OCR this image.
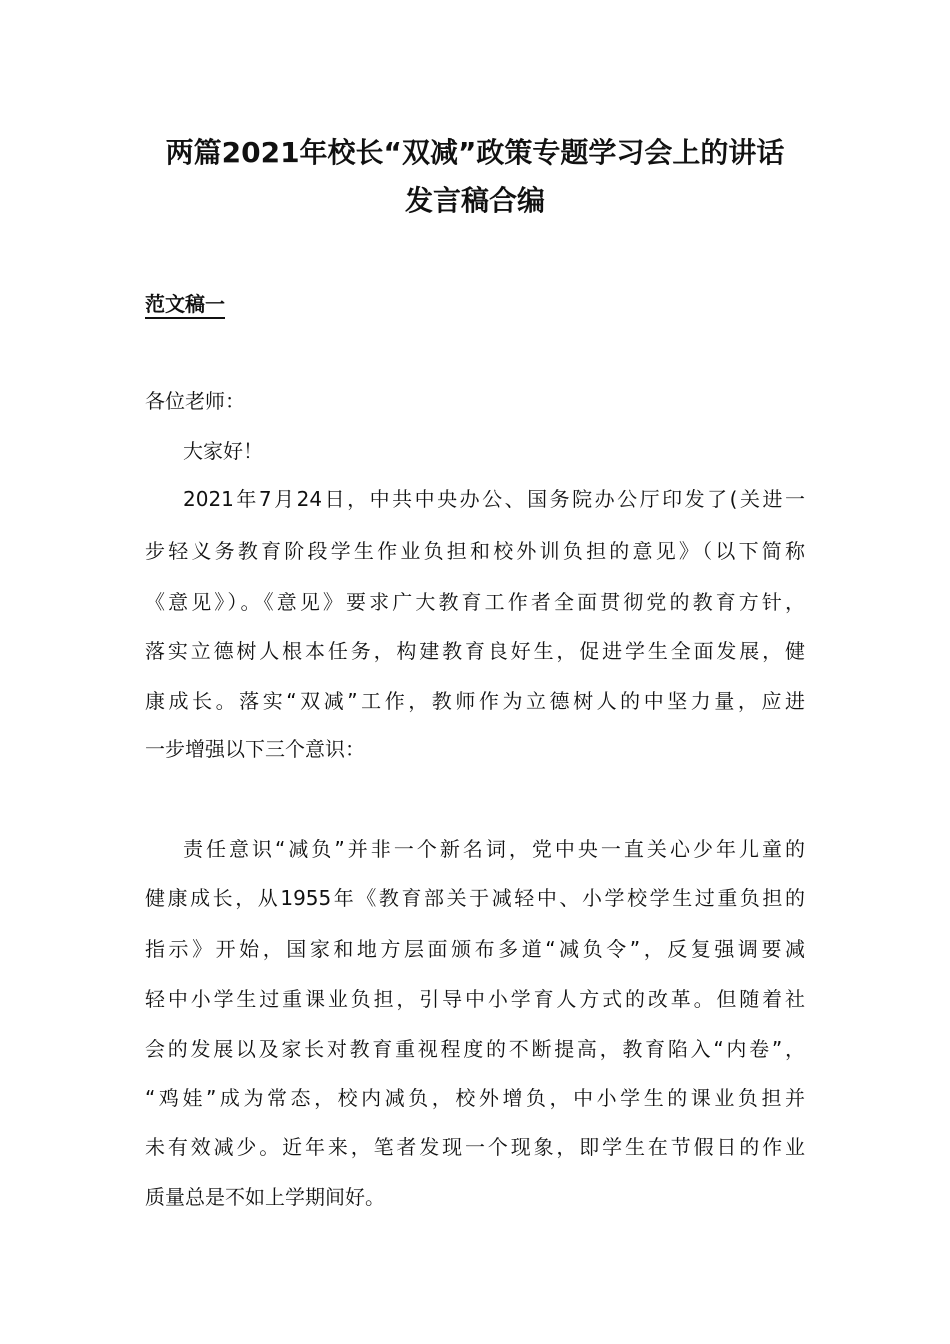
两篇2021年校长“双减”政策专题学习会上的讲话
发言稿合编
范文稿一
各位老师：
大家好！
2021年7月24日，中共中央办公、国务院办公厅印发了(关进一
步轻义务教育阶段学生作业负担和校外训负担的意见》（以下简称
《意见》）。《意见》要求广大教育工作者全面贯彻党的教育方针，
落实立德树人根本任务，构建教育良好生，促进学生全面发展，健
康成长。落实“双减”工作，教师作为立德树人的中坚力量，应进
一步增强以下三个意识：
责任意识“减负”并非一个新名词，党中央一直关心少年儿童的
健康成长，从1955年《教育部关于减轻中、小学校学生过重负担的
指示》开始，国家和地方层面颁布多道“减负令”，反复强调要减
轻中小学生过重课业负担，引导中小学育人方式的改革。但随着社
会的发展以及家长对教育重视程度的不断提高，教育陷入“内卷”，
“鸡娃”成为常态，校内减负，校外增负，中小学生的课业负担并
未有效减少。近年来，笔者发现一个现象，即学生在节假日的作业
质量总是不如上学期间好。
